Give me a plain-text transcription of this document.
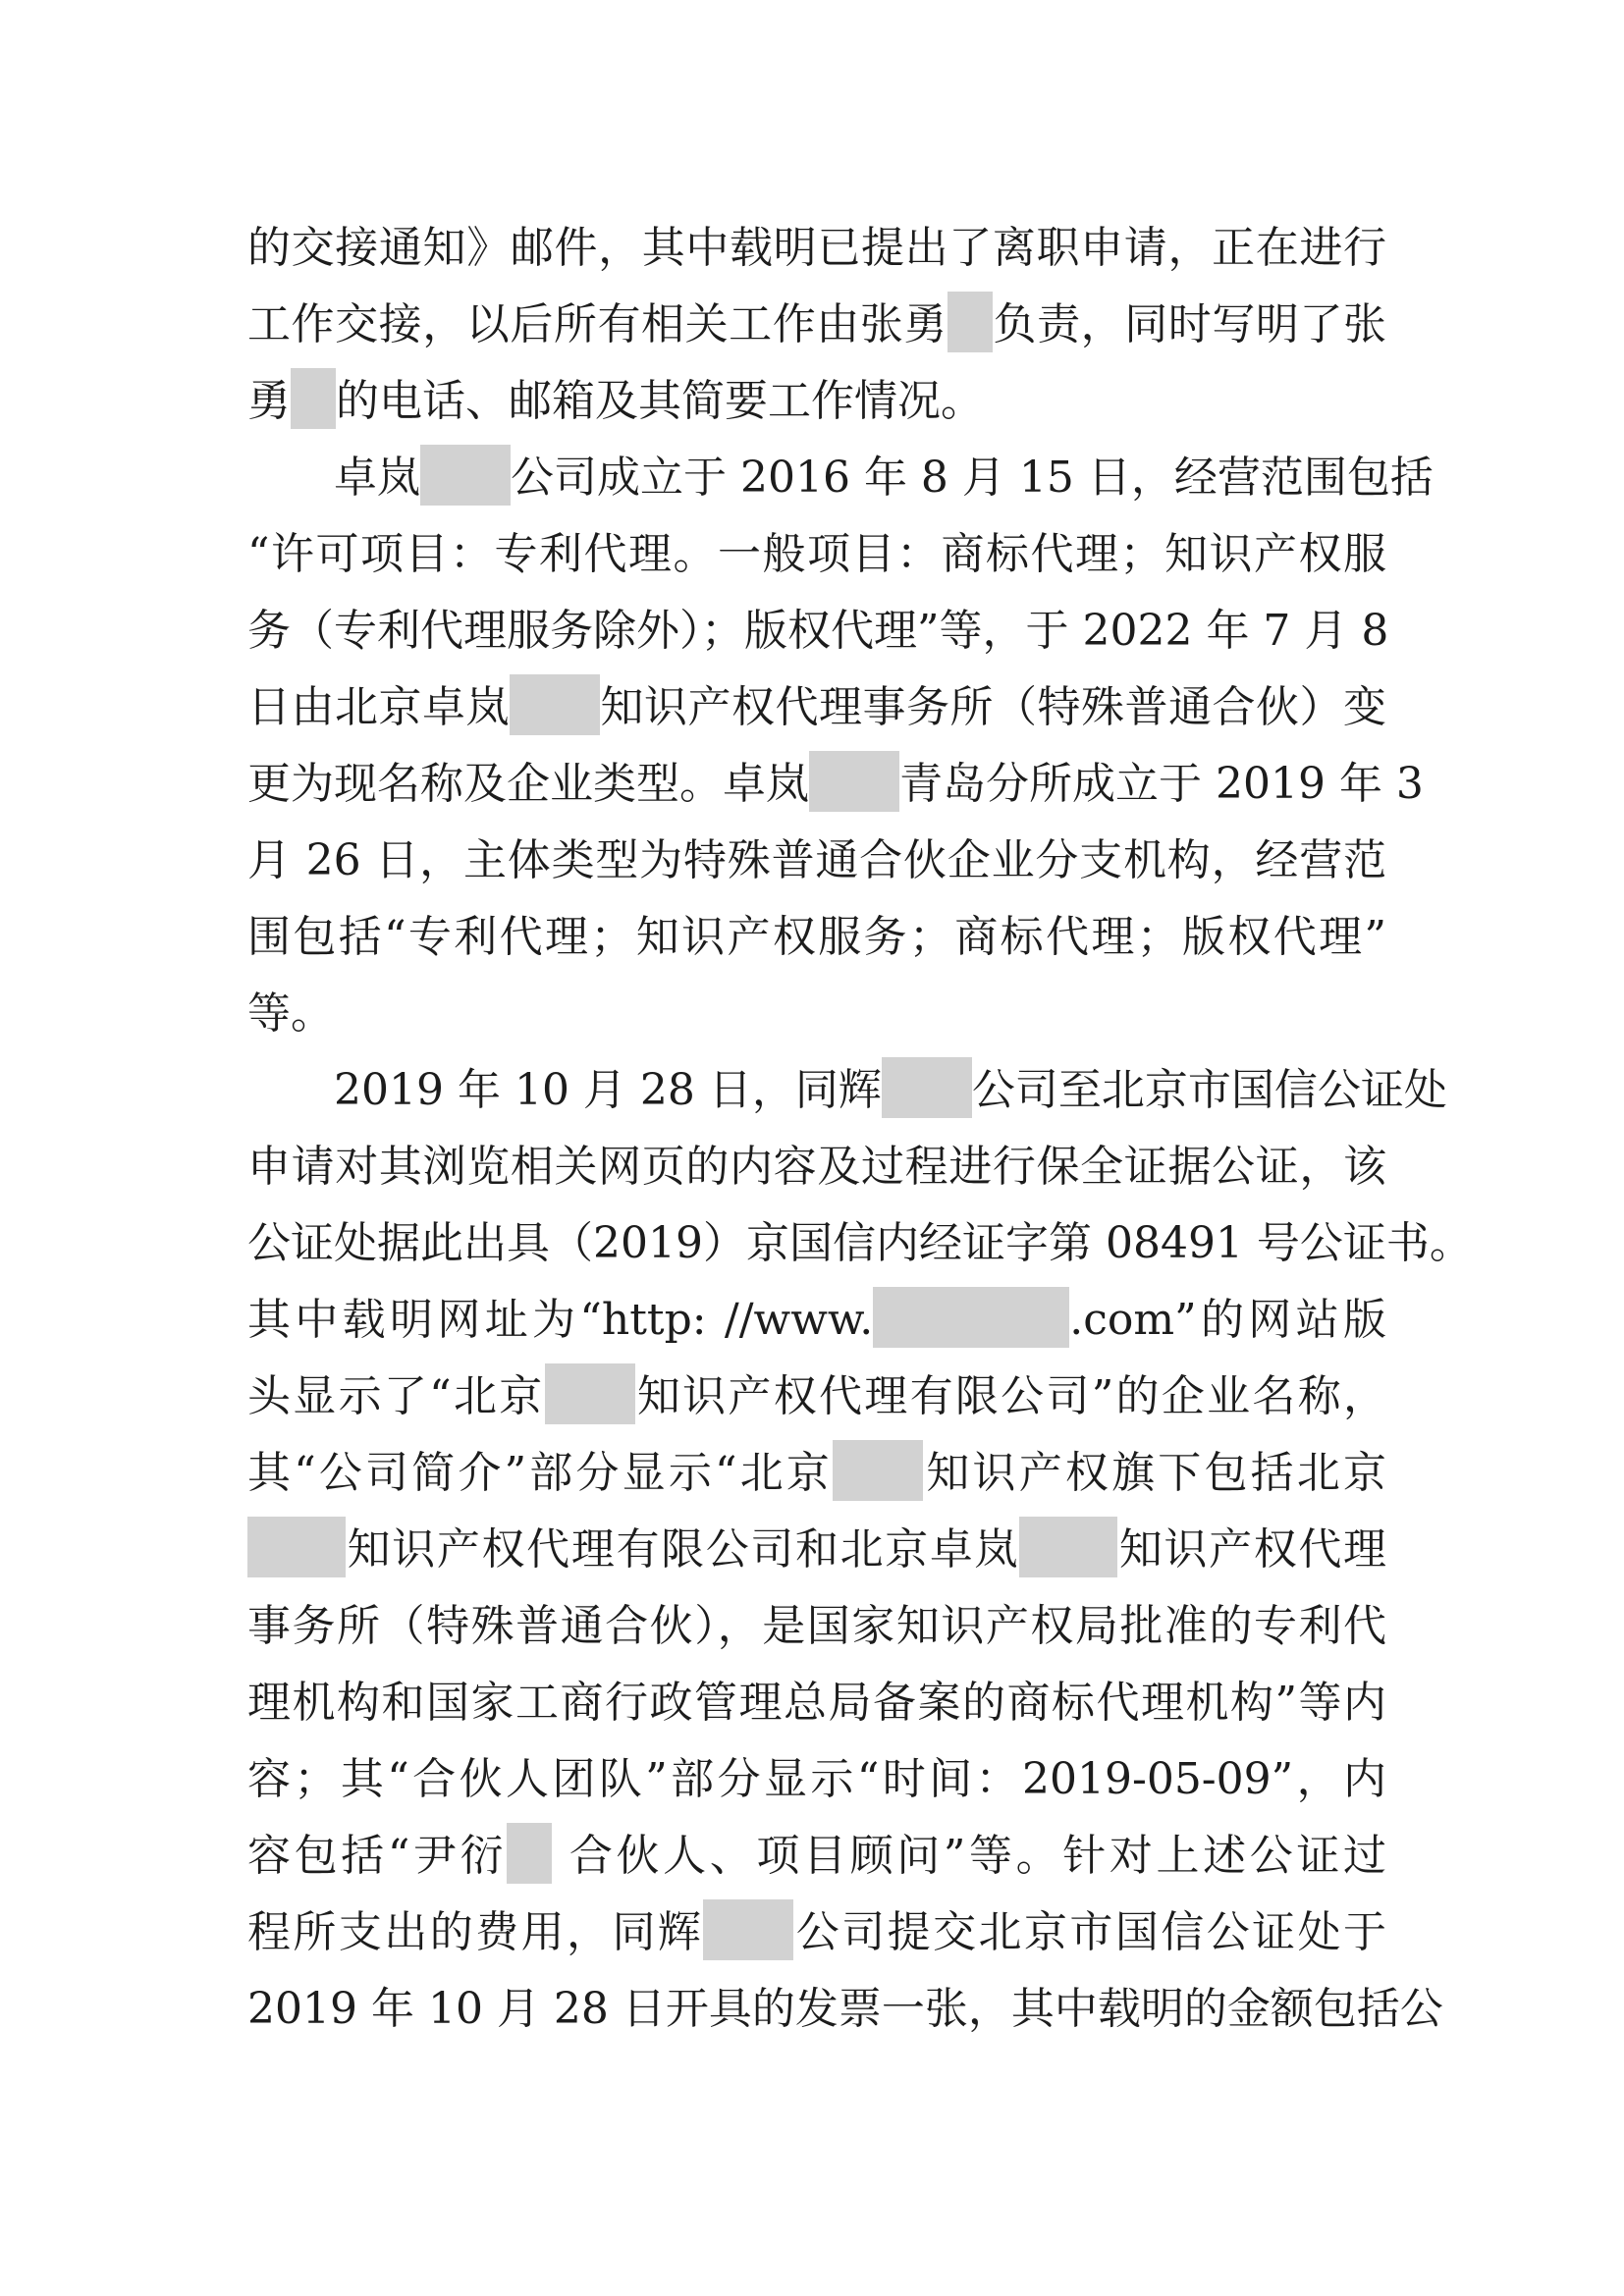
的交接通知》邮件，其中载明已提出了离职申请，正在进行
工作交接，以后所有相关工作由张勇 负责，同时写明了张
勇 的电话、邮箱及其简要工作情况。
卓岚 公司成立于 2016 年 8 月 15 日，经营范围包括
“许可项目：专利代理。一般项目：商标代理；知识产权服
务（专利代理服务除外）；版权代理”等，于 2022 年 7 月 8
日由北京卓岚 知识产权代理事务所（特殊普通合伙）变
更为现名称及企业类型。卓岚 青岛分所成立于 2019 年 3
月 26 日，主体类型为特殊普通合伙企业分支机构，经营范
围包括“专利代理；知识产权服务；商标代理；版权代理”
等。
2019 年 10 月 28 日，同辉 公司至北京市国信公证处
申请对其浏览相关网页的内容及过程进行保全证据公证，该
公证处据此出具（2019）京国信内经证字第 08491 号公证书。
其中载明网址为“http: //www.	.com”的网站版
头显示了“北京 知识产权代理有限公司”的企业名称，
其“公司简介”部分显示“北京 知识产权旗下包括北京
知识产权代理有限公司和北京卓岚 知识产权代理
事务所（特殊普通合伙），是国家知识产权局批准的专利代
理机构和国家工商行政管理总局备案的商标代理机构”等内
容；其“合伙人团队”部分显示“时间：2019-05-09”，内
容包括“尹衍 合伙人、项目顾问”等。针对上述公证过
程所支出的费用，同辉 公司提交北京市国信公证处于
2019 年 10 月 28 日开具的发票一张，其中载明的金额包括公
